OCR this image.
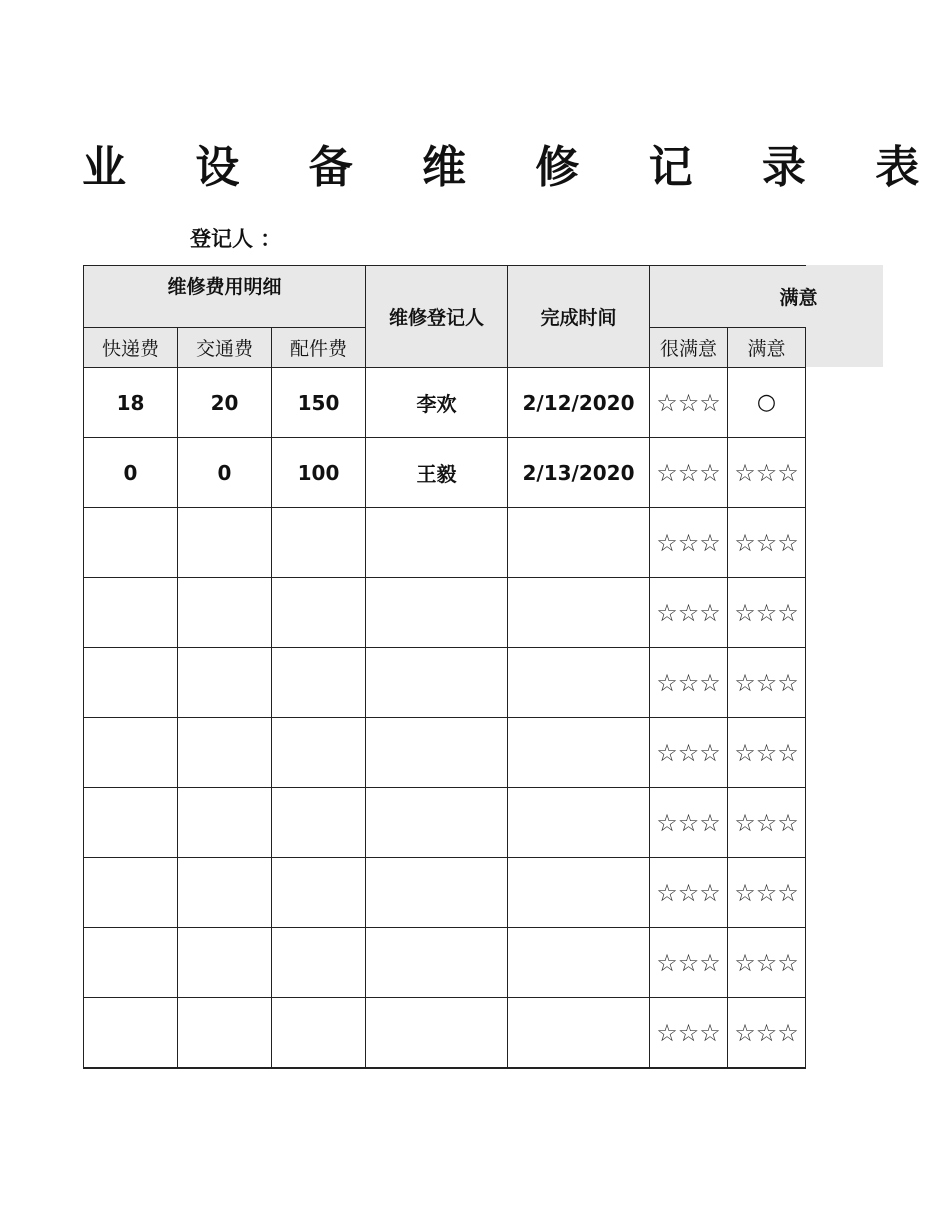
业 设 备 维 修 记 录 表
登记人 ：
维修费用明细			维修登记人	完成时间	满意	
快递费	交通费	配件费			很满意	满意
18	20	150	李欢	2/12/2020	☆☆☆	○
0	0	100	王毅	2/13/2020	☆☆☆	☆☆☆
					☆☆☆	☆☆☆
					☆☆☆	☆☆☆
					☆☆☆	☆☆☆
					☆☆☆	☆☆☆
					☆☆☆	☆☆☆
					☆☆☆	☆☆☆
					☆☆☆	☆☆☆
					☆☆☆	☆☆☆
